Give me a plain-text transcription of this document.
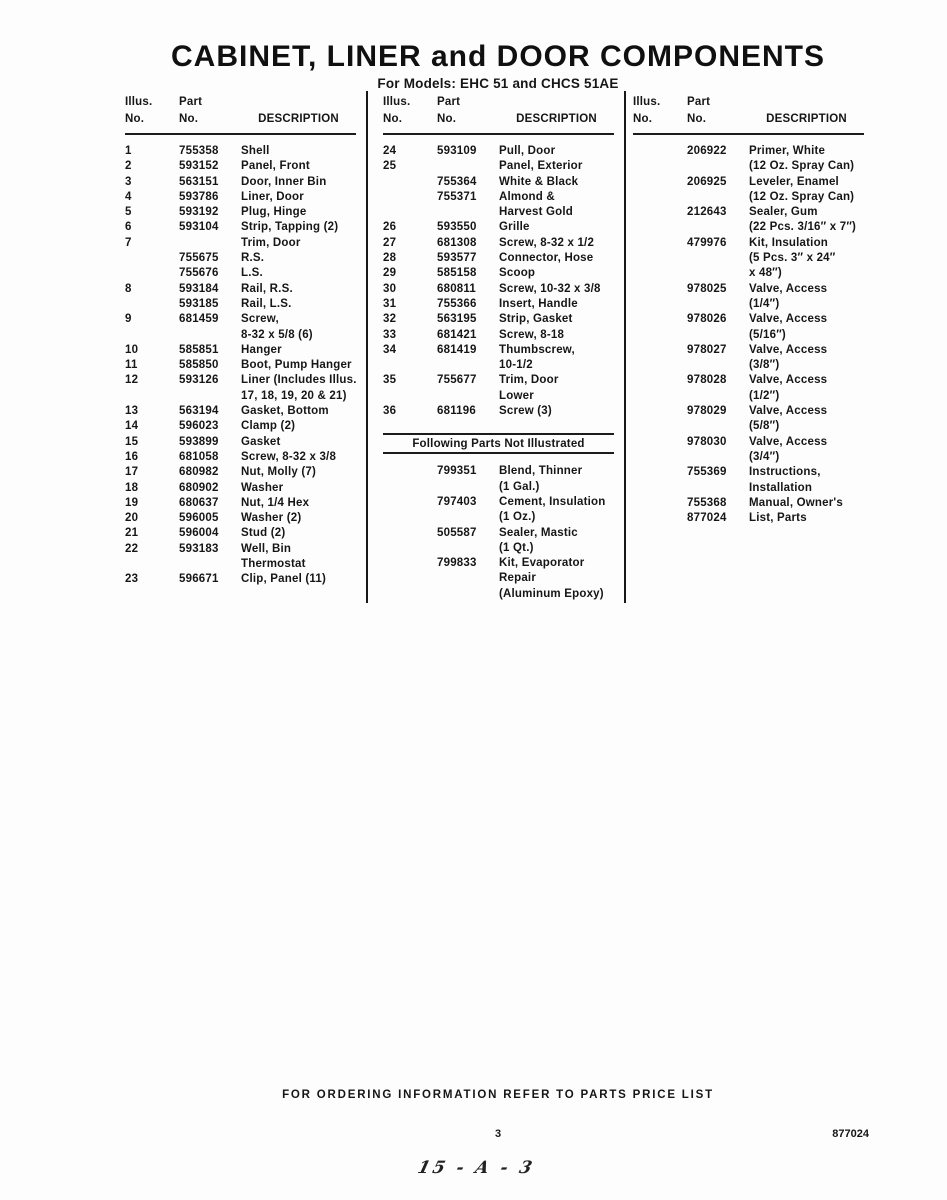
CABINET, LINER and DOOR COMPONENTS
For Models: EHC 51 and CHCS 51AE
Illus.	Part
No.	No.	DESCRIPTION
1	755358	Shell
2	593152	Panel, Front
3	563151	Door, Inner Bin
4	593786	Liner, Door
5	593192	Plug, Hinge
6	593104	Strip, Tapping (2)
7	Trim, Door
755675	R.S.
755676	L.S.
8	593184	Rail, R.S.
593185	Rail, L.S.
9	681459	Screw,
8-32 x 5/8 (6)
10	585851	Hanger
11	585850	Boot, Pump Hanger
12	593126	Liner (Includes Illus.
17, 18, 19, 20 & 21)
13	563194	Gasket, Bottom
14	596023	Clamp (2)
15	593899	Gasket
16	681058	Screw, 8-32 x 3/8
17	680982	Nut, Molly (7)
18	680902	Washer
19	680637	Nut, 1/4 Hex
20	596005	Washer (2)
21	596004	Stud (2)
22	593183	Well, Bin
Thermostat
23	596671	Clip, Panel (11)
Illus.	Part
No.	No.	DESCRIPTION
24	593109	Pull, Door
25	Panel, Exterior
755364	White & Black
755371	Almond &
Harvest Gold
26	593550	Grille
27	681308	Screw, 8-32 x 1/2
28	593577	Connector, Hose
29	585158	Scoop
30	680811	Screw, 10-32 x 3/8
31	755366	Insert, Handle
32	563195	Strip, Gasket
33	681421	Screw, 8-18
34	681419	Thumbscrew,
10-1/2
35	755677	Trim, Door
Lower
36	681196	Screw (3)
Following Parts Not Illustrated
799351	Blend, Thinner
(1 Gal.)
797403	Cement, Insulation
(1 Oz.)
505587	Sealer, Mastic
(1 Qt.)
799833	Kit, Evaporator
Repair
(Aluminum Epoxy)
Illus.	Part
No.	No.	DESCRIPTION
206922	Primer, White
(12 Oz. Spray Can)
206925	Leveler, Enamel
(12 Oz. Spray Can)
212643	Sealer, Gum
(22 Pcs. 3/16″ x 7″)
479976	Kit, Insulation
(5 Pcs. 3″ x 24″
x 48″)
978025	Valve, Access
(1/4″)
978026	Valve, Access
(5/16″)
978027	Valve, Access
(3/8″)
978028	Valve, Access
(1/2″)
978029	Valve, Access
(5/8″)
978030	Valve, Access
(3/4″)
755369	Instructions,
Installation
755368	Manual, Owner's
877024	List, Parts
FOR ORDERING INFORMATION REFER TO PARTS PRICE LIST
3	877024
15 - A - 3
